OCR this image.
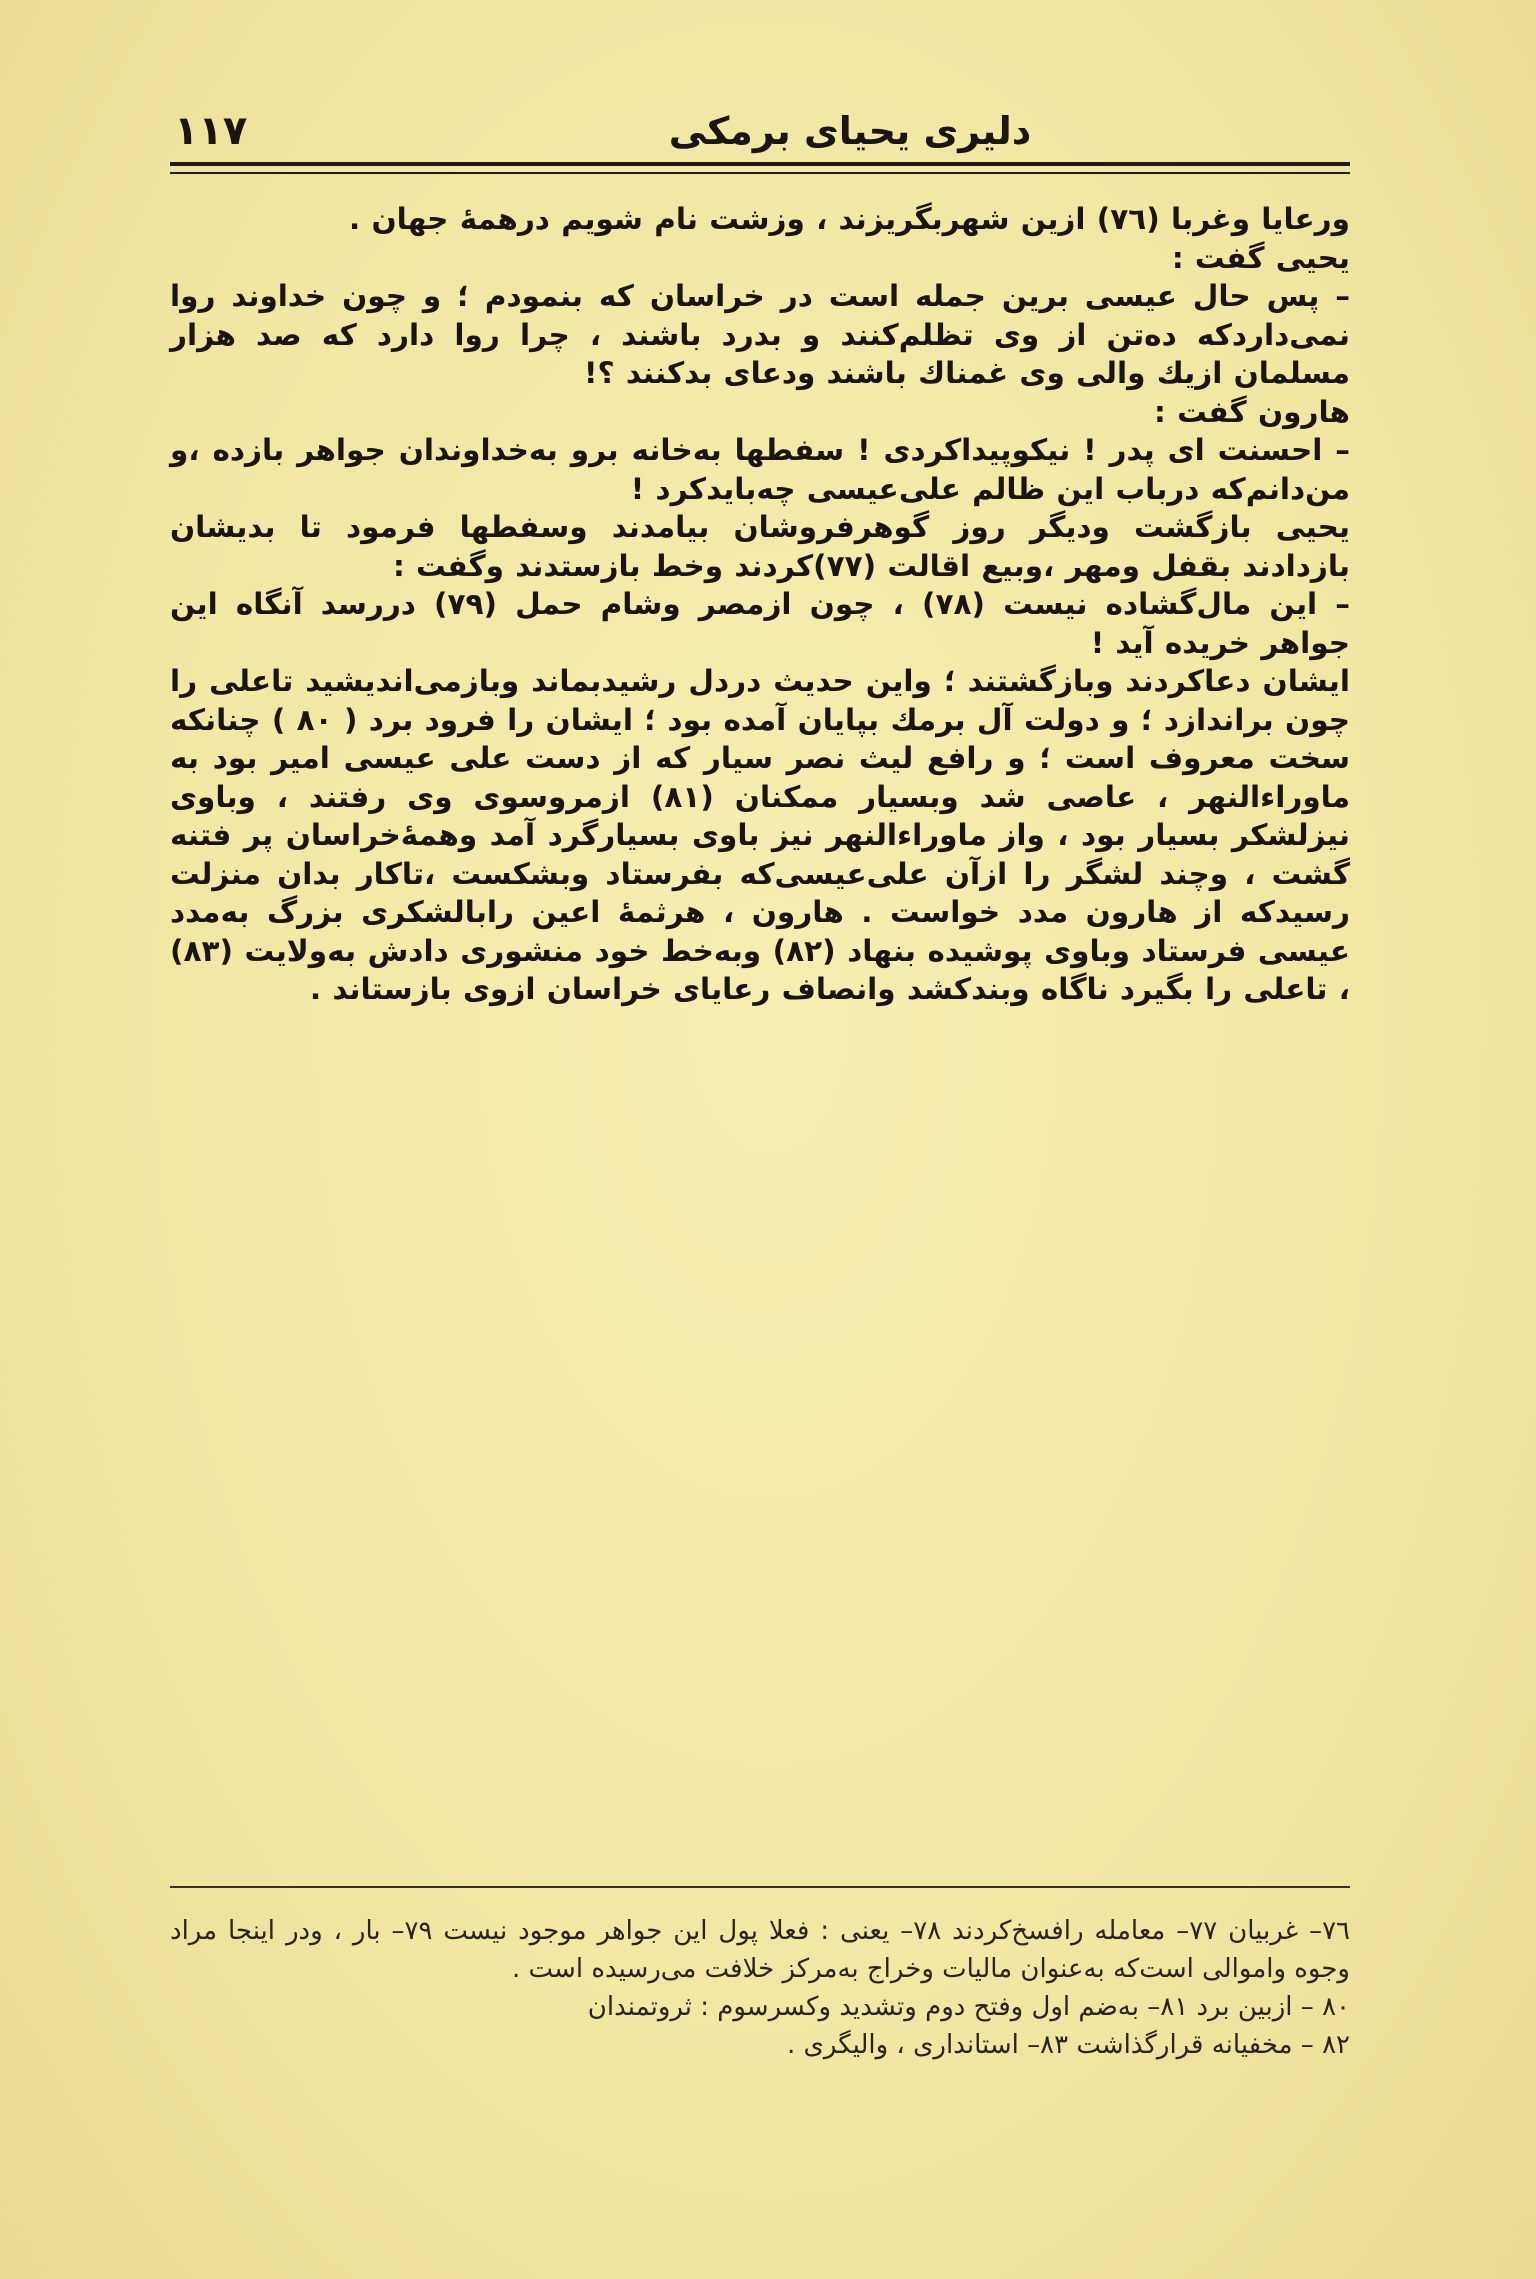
۱۱۷	دلیری یحیای برمکی

ورعایا وغربا (۷٦) ازین شهربگریزند ، وزشت نام شویم درهمهٔ جهان .

یحیی گفت :

– پس حال عیسی برین جمله است در خراسان که بنمودم ؛ و چون خداوند روا نمی‌داردکه ده‌تن از وی تظلم‌کنند و بدرد باشند ، چرا روا دارد که صد هزار مسلمان ازیك والی وی غمناك باشند ودعای بدکنند ؟!

هارون گفت :

– احسنت ای پدر ! نیکوپیداکردی ! سفطها به‌خانه برو به‌خداوندان جواهر بازده ،و من‌دانم‌که درباب این ظالم علی‌عیسی چه‌بایدکرد !

یحیی بازگشت ودیگر روز گوهرفروشان بیامدند وسفطها فرمود تا بدیشان بازدادند بقفل ومهر ،وبیع اقالت (۷۷)کردند وخط بازستدند وگفت :

– این مال‌گشاده نیست (۷۸) ، چون ازمصر وشام حمل (۷۹) دررسد آنگاه این جواهر خریده آید !

ایشان دعاکردند وبازگشتند ؛ واین حدیث دردل رشیدبماند وبازمی‌اندیشید تاعلی را چون براندازد ؛ و دولت آل برمك بپایان آمده بود ؛ ایشان را فرود برد ( ۸۰ ) چنانکه سخت معروف است ؛ و رافع لیث نصر سیار که از دست علی عیسی امیر بود به ماوراءالنهر ، عاصی شد وبسیار ممکنان (۸۱) ازمروسوی وی رفتند ، وباوی نیزلشکر بسیار بود ، واز ماوراءالنهر نیز باوی بسیارگرد آمد وهمهٔ‌خراسان پر فتنه گشت ، وچند لشگر را ازآن علی‌عیسی‌که بفرستاد وبشکست ،تاکار بدان منزلت رسیدکه از هارون مدد خواست . هارون ، هرثمهٔ اعین رابالشکری بزرگ به‌مدد عیسی فرستاد وباوی پوشیده بنهاد (۸۲) وبه‌خط خود منشوری دادش به‌ولایت (۸۳) ، تاعلی را بگیرد ناگاه وبندکشد وانصاف رعایای خراسان ازوی بازستاند .

۷٦– غربیان ۷۷– معامله رافسخ‌کردند ۷۸– یعنی : فعلا پول این جواهر موجود نیست ۷۹– بار ، ودر اینجا مراد وجوه واموالی است‌که به‌عنوان مالیات وخراج به‌مرکز خلافت می‌رسیده است .

۸۰ – ازبین برد ۸۱– به‌ضم اول وفتح دوم وتشدید وکسرسوم : ثروتمندان

۸۲ – مخفیانه قرارگذاشت ۸۳– استانداری ، والیگری .
